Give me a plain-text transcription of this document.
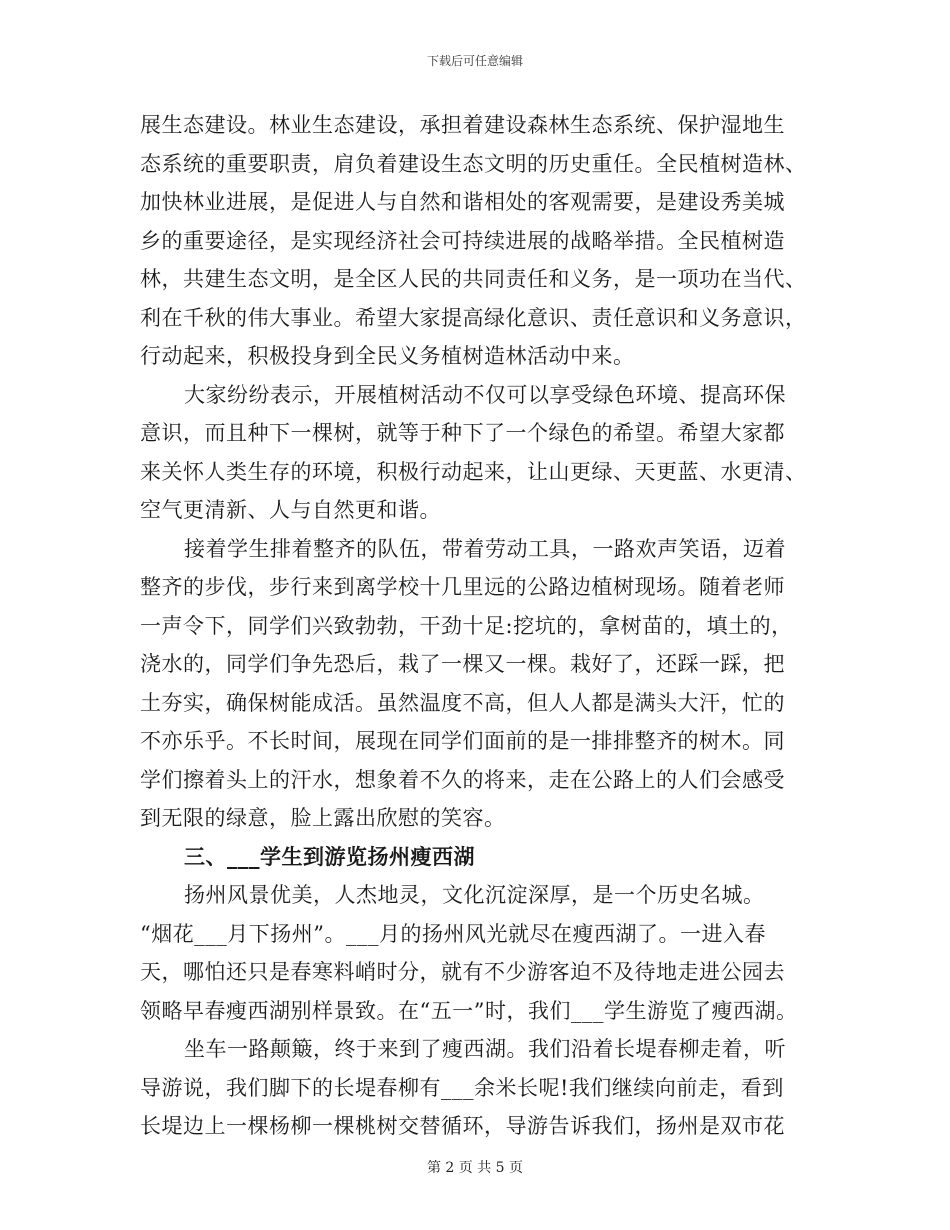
下载后可任意编辑

展生态建设。林业生态建设，承担着建设森林生态系统、保护湿地生
态系统的重要职责，肩负着建设生态文明的历史重任。全民植树造林、
加快林业进展，是促进人与自然和谐相处的客观需要，是建设秀美城
乡的重要途径，是实现经济社会可持续进展的战略举措。全民植树造
林，共建生态文明，是全区人民的共同责任和义务，是一项功在当代、
利在千秋的伟大事业。希望大家提高绿化意识、责任意识和义务意识，
行动起来，积极投身到全民义务植树造林活动中来。

大家纷纷表示，开展植树活动不仅可以享受绿色环境、提高环保
意识，而且种下一棵树，就等于种下了一个绿色的希望。希望大家都
来关怀人类生存的环境，积极行动起来，让山更绿、天更蓝、水更清、
空气更清新、人与自然更和谐。

接着学生排着整齐的队伍，带着劳动工具，一路欢声笑语，迈着
整齐的步伐，步行来到离学校十几里远的公路边植树现场。随着老师
一声令下，同学们兴致勃勃，干劲十足:挖坑的，拿树苗的，填土的，
浇水的，同学们争先恐后，栽了一棵又一棵。栽好了，还踩一踩，把
土夯实，确保树能成活。虽然温度不高，但人人都是满头大汗，忙的
不亦乐乎。不长时间，展现在同学们面前的是一排排整齐的树木。同
学们擦着头上的汗水，想象着不久的将来，走在公路上的人们会感受
到无限的绿意，脸上露出欣慰的笑容。

三、___学生到游览扬州瘦西湖

扬州风景优美，人杰地灵，文化沉淀深厚，是一个历史名城。
“烟花___月下扬州”。___月的扬州风光就尽在瘦西湖了。一进入春
天，哪怕还只是春寒料峭时分，就有不少游客迫不及待地走进公园去
领略早春瘦西湖别样景致。在“五一”时，我们___学生游览了瘦西湖。

坐车一路颠簸，终于来到了瘦西湖。我们沿着长堤春柳走着，听
导游说，我们脚下的长堤春柳有___余米长呢!我们继续向前走，看到
长堤边上一棵杨柳一棵桃树交替循环，导游告诉我们，扬州是双市花

第 2 页 共 5 页
